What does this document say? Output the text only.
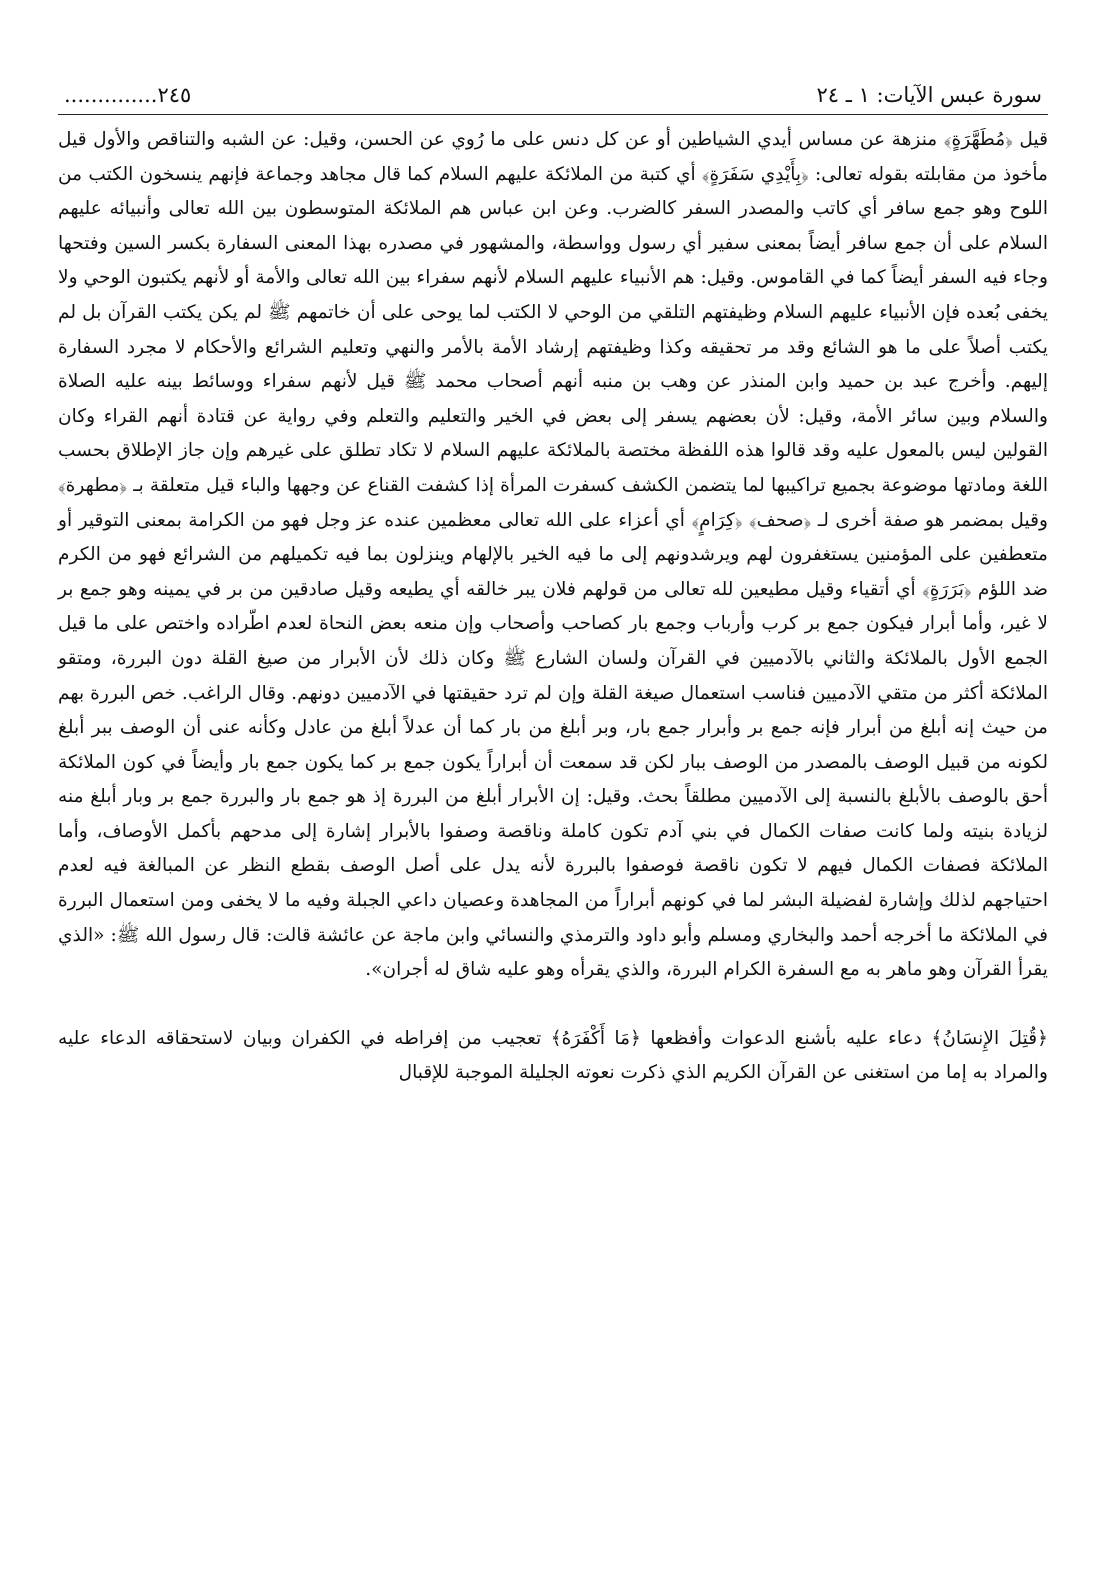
سورة عبس الآيات: ١ ـ ٢٤
٢٤٥..............

قيل ﴿مُطَهَّرَةٍ﴾ منزهة عن مساس أيدي الشياطين أو عن كل دنس على ما رُوي عن الحسن، وقيل: عن الشبه والتناقص والأول قيل مأخوذ من مقابلته بقوله تعالى: ﴿بِأَيْدِي سَفَرَةٍ﴾ أي كتبة من الملائكة عليهم السلام كما قال مجاهد وجماعة فإنهم ينسخون الكتب من اللوح وهو جمع سافر أي كاتب والمصدر السفر كالضرب. وعن ابن عباس هم الملائكة المتوسطون بين الله تعالى وأنبيائه عليهم السلام على أن جمع سافر أيضاً بمعنى سفير أي رسول وواسطة، والمشهور في مصدره بهذا المعنى السفارة بكسر السين وفتحها وجاء فيه السفر أيضاً كما في القاموس. وقيل: هم الأنبياء عليهم السلام لأنهم سفراء بين الله تعالى والأمة أو لأنهم يكتبون الوحي ولا يخفى بُعده فإن الأنبياء عليهم السلام وظيفتهم التلقي من الوحي لا الكتب لما يوحى على أن خاتمهم ﷺ لم يكن يكتب القرآن بل لم يكتب أصلاً على ما هو الشائع وقد مر تحقيقه وكذا وظيفتهم إرشاد الأمة بالأمر والنهي وتعليم الشرائع والأحكام لا مجرد السفارة إليهم. وأخرج عبد بن حميد وابن المنذر عن وهب بن منبه أنهم أصحاب محمد ﷺ قيل لأنهم سفراء ووسائط بينه عليه الصلاة والسلام وبين سائر الأمة، وقيل: لأن بعضهم يسفر إلى بعض في الخير والتعليم والتعلم وفي رواية عن قتادة أنهم القراء وكان القولين ليس بالمعول عليه وقد قالوا هذه اللفظة مختصة بالملائكة عليهم السلام لا تكاد تطلق على غيرهم وإن جاز الإطلاق بحسب اللغة ومادتها موضوعة بجميع تراكيبها لما يتضمن الكشف كسفرت المرأة إذا كشفت القناع عن وجهها والباء قيل متعلقة بـ ﴿مطهرة﴾ وقيل بمضمر هو صفة أخرى لـ ﴿صحف﴾ ﴿كِرَامٍ﴾ أي أعزاء على الله تعالى معظمين عنده عز وجل فهو من الكرامة بمعنى التوقير أو متعطفين على المؤمنين يستغفرون لهم ويرشدونهم إلى ما فيه الخير بالإلهام وينزلون بما فيه تكميلهم من الشرائع فهو من الكرم ضد اللؤم ﴿بَرَرَةٍ﴾ أي أتقياء وقيل مطيعين لله تعالى من قولهم فلان يبر خالقه أي يطيعه وقيل صادقين من بر في يمينه وهو جمع بر لا غير، وأما أبرار فيكون جمع بر كرب وأرباب وجمع بار كصاحب وأصحاب وإن منعه بعض النحاة لعدم اطّراده واختص على ما قيل الجمع الأول بالملائكة والثاني بالآدميين في القرآن ولسان الشارع ﷺ وكان ذلك لأن الأبرار من صيغ القلة دون البررة، ومتقو الملائكة أكثر من متقي الآدميين فناسب استعمال صيغة القلة وإن لم ترد حقيقتها في الآدميين دونهم. وقال الراغب. خص البررة بهم من حيث إنه أبلغ من أبرار فإنه جمع بر وأبرار جمع بار، وبر أبلغ من بار كما أن عدلاً أبلغ من عادل وكأنه عنى أن الوصف ببر أبلغ لكونه من قبيل الوصف بالمصدر من الوصف ببار لكن قد سمعت أن أبراراً يكون جمع بر كما يكون جمع بار وأيضاً في كون الملائكة أحق بالوصف بالأبلغ بالنسبة إلى الآدميين مطلقاً بحث. وقيل: إن الأبرار أبلغ من البررة إذ هو جمع بار والبررة جمع بر وبار أبلغ منه لزيادة بنيته ولما كانت صفات الكمال في بني آدم تكون كاملة وناقصة وصفوا بالأبرار إشارة إلى مدحهم بأكمل الأوصاف، وأما الملائكة فصفات الكمال فيهم لا تكون ناقصة فوصفوا بالبررة لأنه يدل على أصل الوصف بقطع النظر عن المبالغة فيه لعدم احتياجهم لذلك وإشارة لفضيلة البشر لما في كونهم أبراراً من المجاهدة وعصيان داعي الجبلة وفيه ما لا يخفى ومن استعمال البررة في الملائكة ما أخرجه أحمد والبخاري ومسلم وأبو داود والترمذي والنسائي وابن ماجة عن عائشة قالت: قال رسول الله ﷺ: «الذي يقرأ القرآن وهو ماهر به مع السفرة الكرام البررة، والذي يقرأه وهو عليه شاق له أجران».

﴿قُتِلَ الإِنسَانُ﴾ دعاء عليه بأشنع الدعوات وأفظعها ﴿مَا أَكْفَرَهُ﴾ تعجيب من إفراطه في الكفران وبيان لاستحقاقه الدعاء عليه والمراد به إما من استغنى عن القرآن الكريم الذي ذكرت نعوته الجليلة الموجبة للإقبال
